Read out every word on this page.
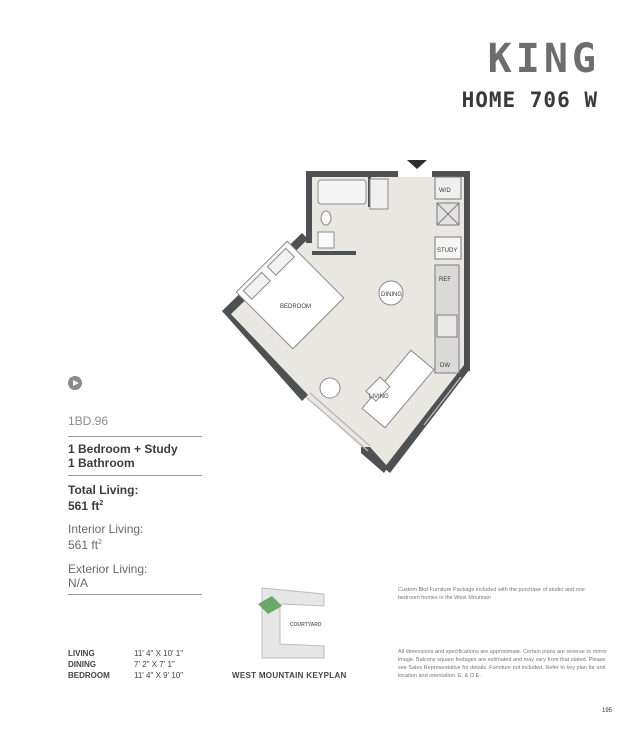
KING
HOME 706 W
W/D
STUDY
REF
DW
DINING
BEDROOM
LIVING
1BD.96
1 Bedroom + Study
1 Bathroom
Total Living:
561 $ft^2$
Interior Living:
561 $ft^2$
Exterior Living:
N/A
LIVING	11' 4" X 10' 1"
DINING	7' 2" X 7' 1"
BEDROOM	11' 4" X 9' 10"
COURTYARD
WEST MOUNTAIN KEYPLAN
Custom Bkd Furniture Package included with the purchase of studio and one bedroom homes in the West Mountain
All dimensions and specifications are approximate. Certain plans are reverse or mirror image. Balcony square footages are estimated and may vary from that stated. Please see Sales Representative for details. Furniture not included. Refer to key plan for unit location and orientation. E. & O.E.
195
